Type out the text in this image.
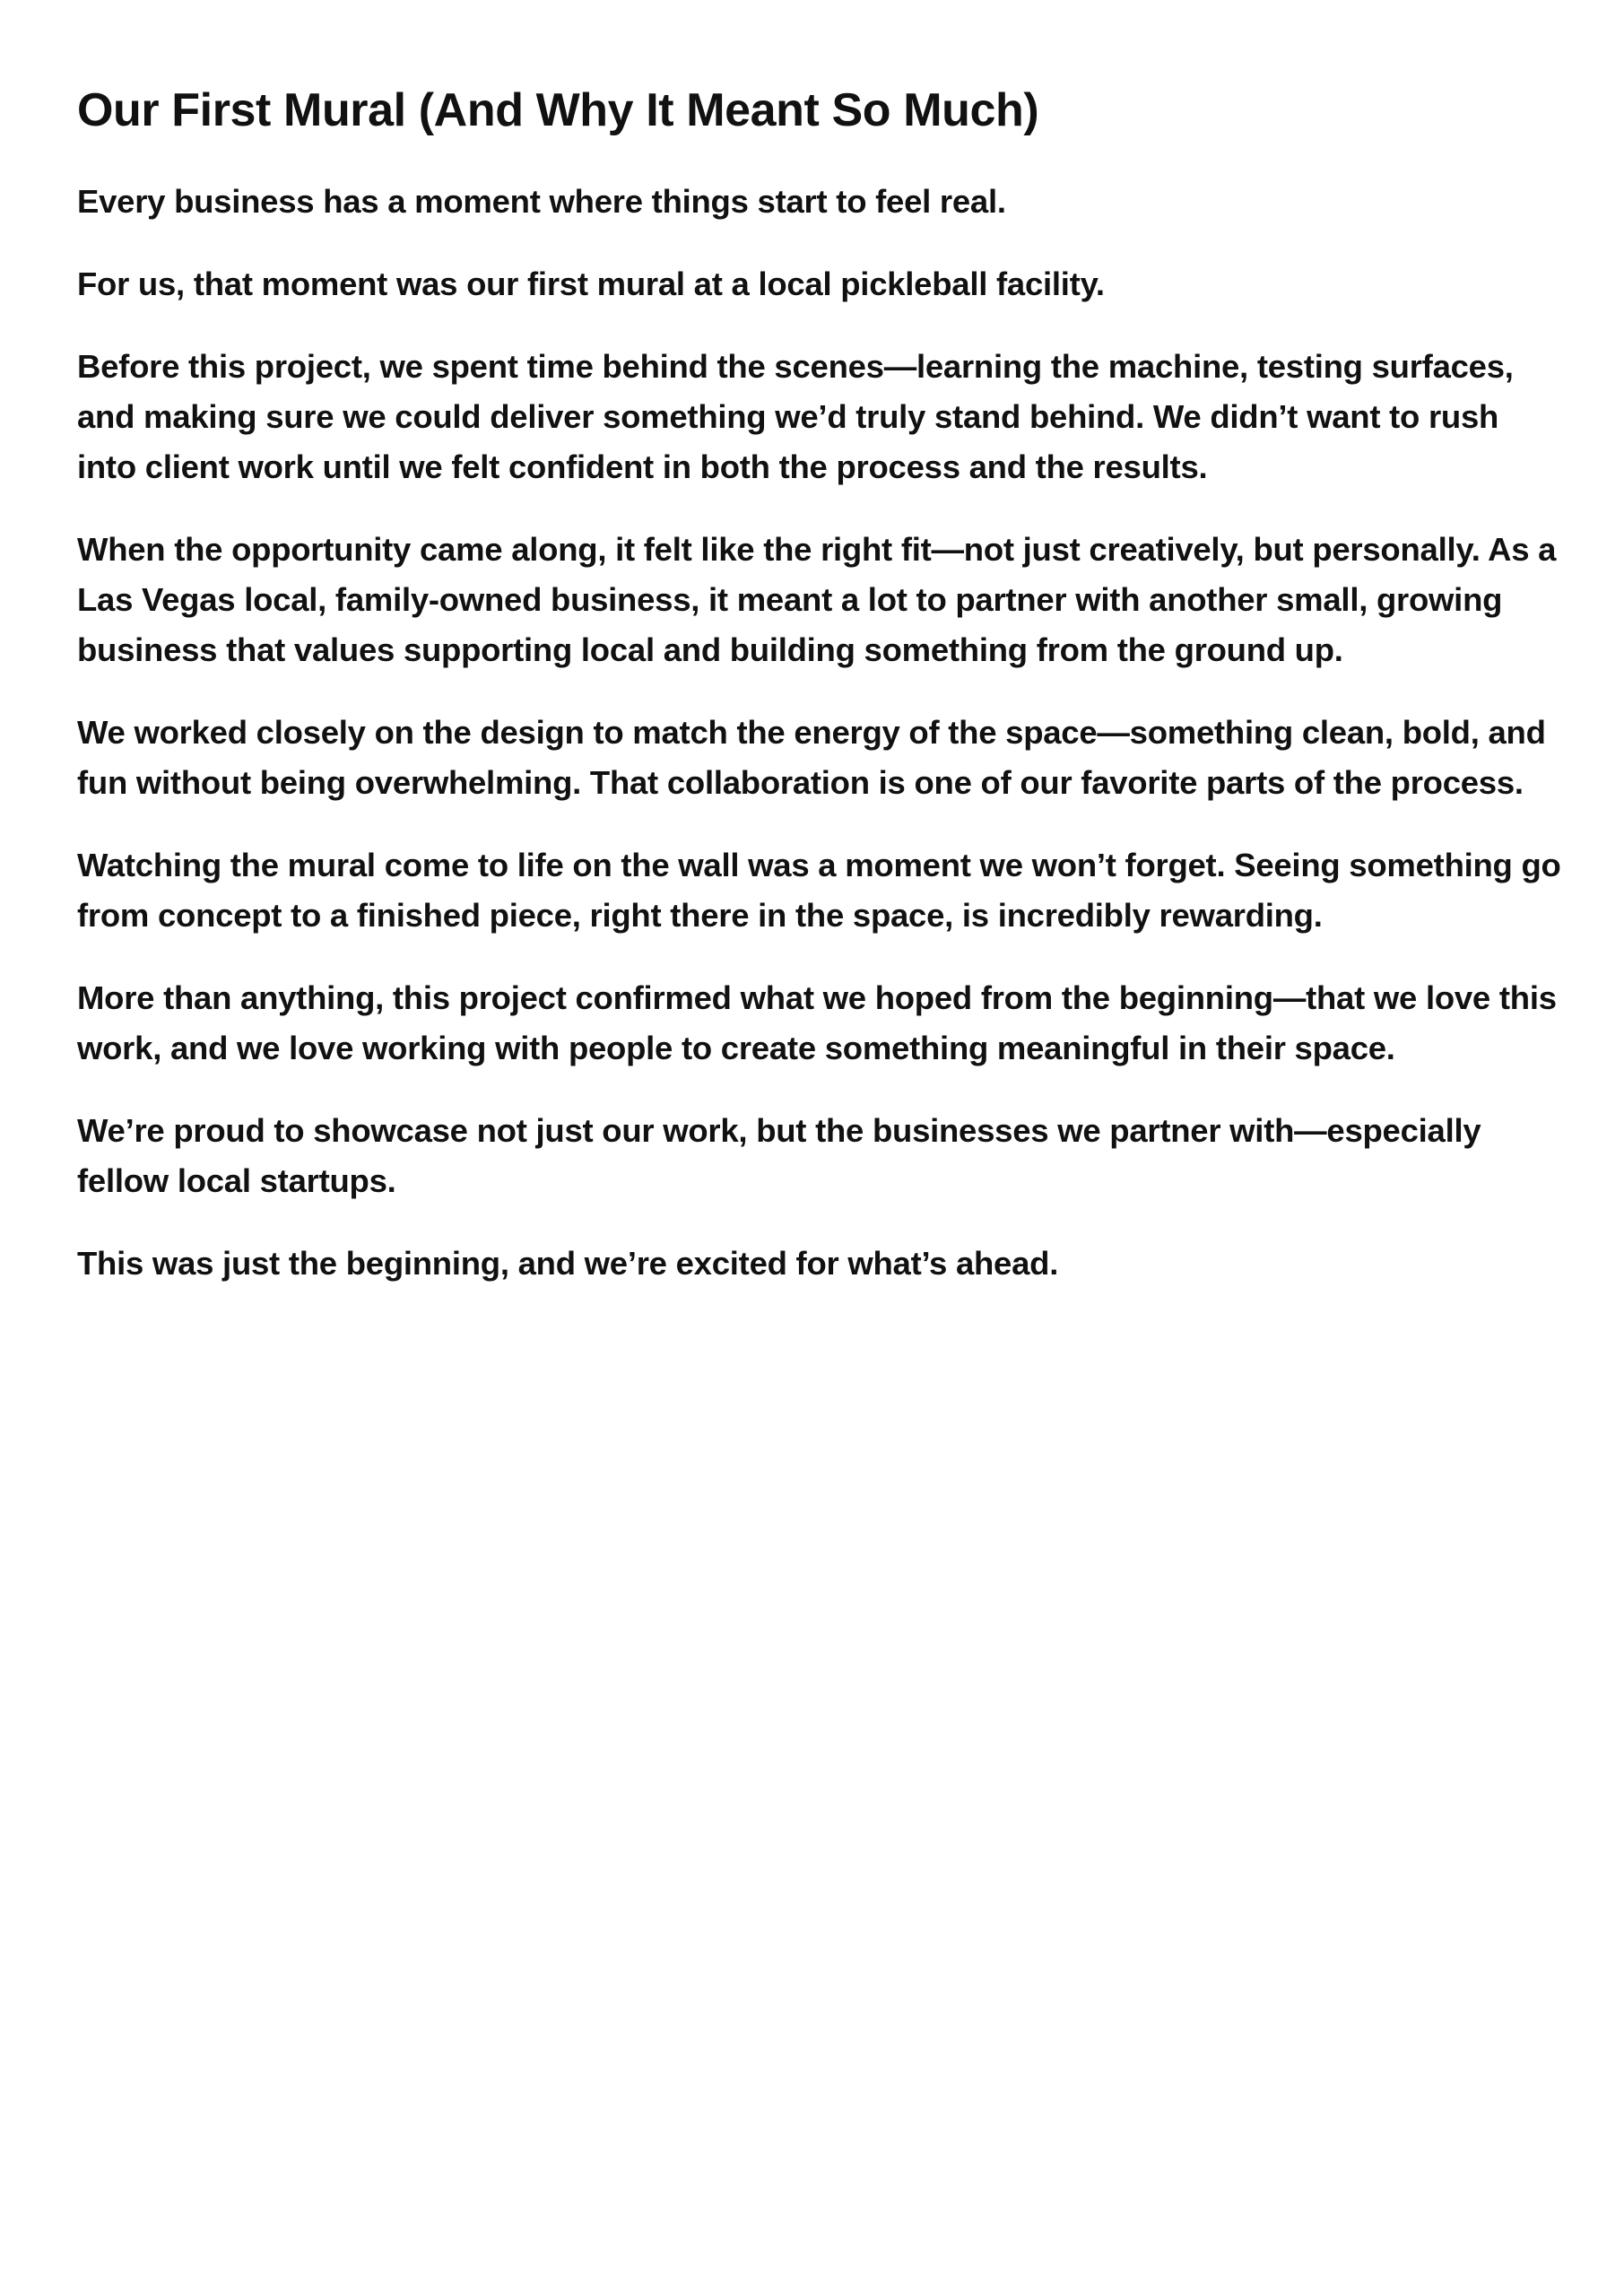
Our First Mural (And Why It Meant So Much)

Every business has a moment where things start to feel real.

For us, that moment was our first mural at a local pickleball facility.

Before this project, we spent time behind the scenes—learning the machine, testing surfaces, and making sure we could deliver something we’d truly stand behind. We didn’t want to rush into client work until we felt confident in both the process and the results.

When the opportunity came along, it felt like the right fit—not just creatively, but personally. As a Las Vegas local, family-owned business, it meant a lot to partner with another small, growing business that values supporting local and building something from the ground up.

We worked closely on the design to match the energy of the space—something clean, bold, and fun without being overwhelming. That collaboration is one of our favorite parts of the process.

Watching the mural come to life on the wall was a moment we won’t forget. Seeing something go from concept to a finished piece, right there in the space, is incredibly rewarding.

More than anything, this project confirmed what we hoped from the beginning—that we love this work, and we love working with people to create something meaningful in their space.

We’re proud to showcase not just our work, but the businesses we partner with—especially fellow local startups.

This was just the beginning, and we’re excited for what’s ahead.
